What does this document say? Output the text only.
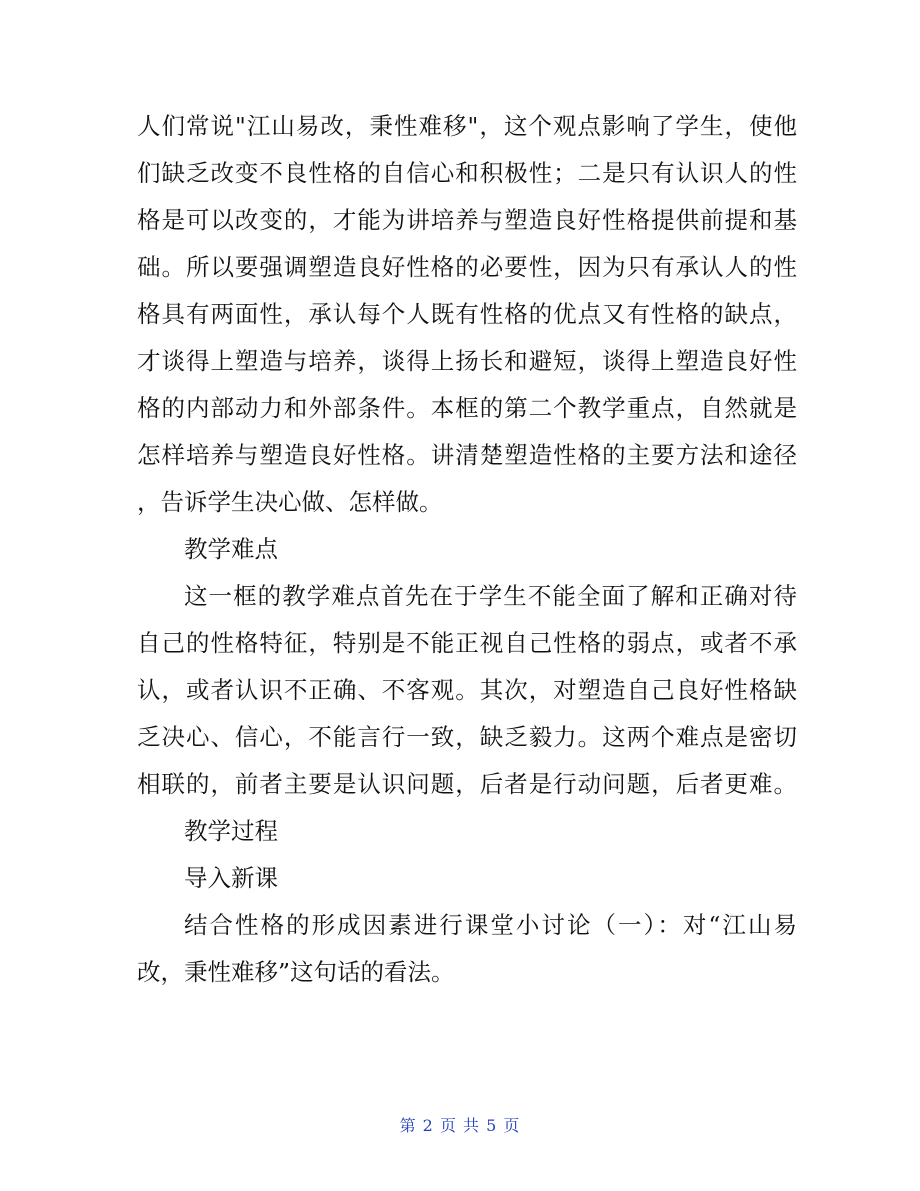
人们常说"江山易改，秉性难移"，这个观点影响了学生，使他
们缺乏改变不良性格的自信心和积极性；二是只有认识人的性
格是可以改变的，才能为讲培养与塑造良好性格提供前提和基
础。所以要强调塑造良好性格的必要性，因为只有承认人的性
格具有两面性，承认每个人既有性格的优点又有性格的缺点，
才谈得上塑造与培养，谈得上扬长和避短，谈得上塑造良好性
格的内部动力和外部条件。本框的第二个教学重点，自然就是
怎样培养与塑造良好性格。讲清楚塑造性格的主要方法和途径
，告诉学生决心做、怎样做。
教学难点
这一框的教学难点首先在于学生不能全面了解和正确对待
自己的性格特征，特别是不能正视自己性格的弱点，或者不承
认，或者认识不正确、不客观。其次，对塑造自己良好性格缺
乏决心、信心，不能言行一致，缺乏毅力。这两个难点是密切
相联的，前者主要是认识问题，后者是行动问题，后者更难。
教学过程
导入新课
结合性格的形成因素进行课堂小讨论（一）：对“江山易
改，秉性难移”这句话的看法。
第 2 页 共 5 页
